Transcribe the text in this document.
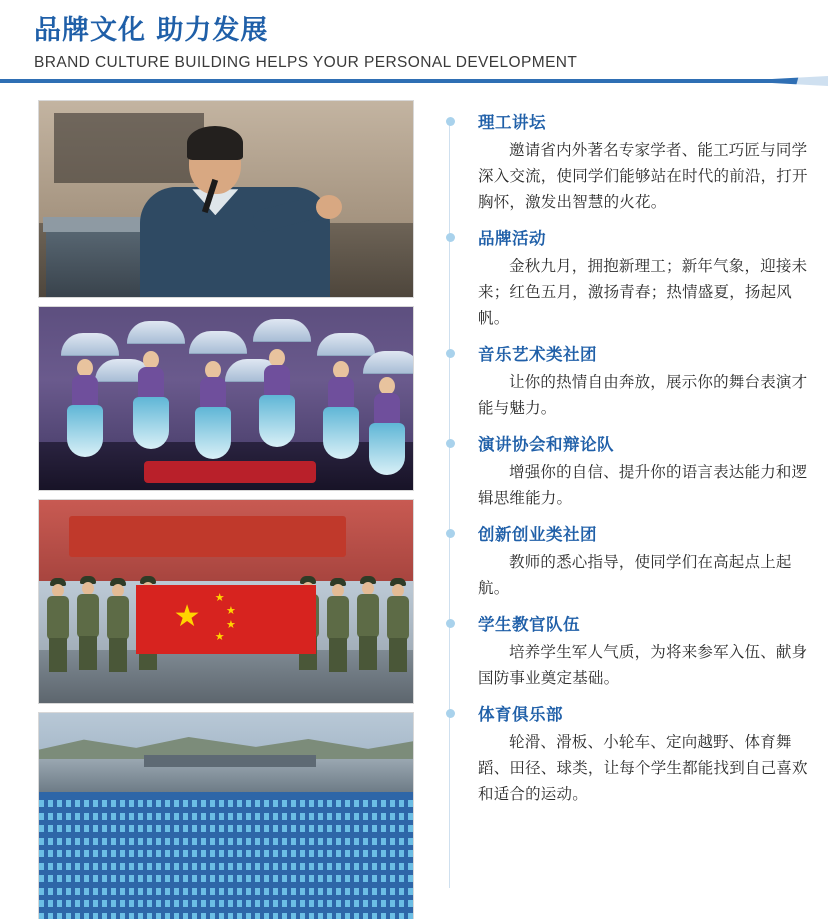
品牌文化 助力发展
BRAND CULTURE BUILDING HELPS YOUR PERSONAL DEVELOPMENT
★
★
★
★
★
理工讲坛

邀请省内外著名专家学者、能工巧匠与同学深入交流，使同学们能够站在时代的前沿，打开胸怀，激发出智慧的火花。

品牌活动

金秋九月，拥抱新理工；新年气象，迎接未来；红色五月，激扬青春；热情盛夏，扬起风帆。

音乐艺术类社团

让你的热情自由奔放，展示你的舞台表演才能与魅力。

演讲协会和辩论队

增强你的自信、提升你的语言表达能力和逻辑思维能力。

创新创业类社团

教师的悉心指导，使同学们在高起点上起航。

学生教官队伍

培养学生军人气质，为将来参军入伍、献身国防事业奠定基础。

体育俱乐部

轮滑、滑板、小轮车、定向越野、体育舞蹈、田径、球类，让每个学生都能找到自己喜欢和适合的运动。
